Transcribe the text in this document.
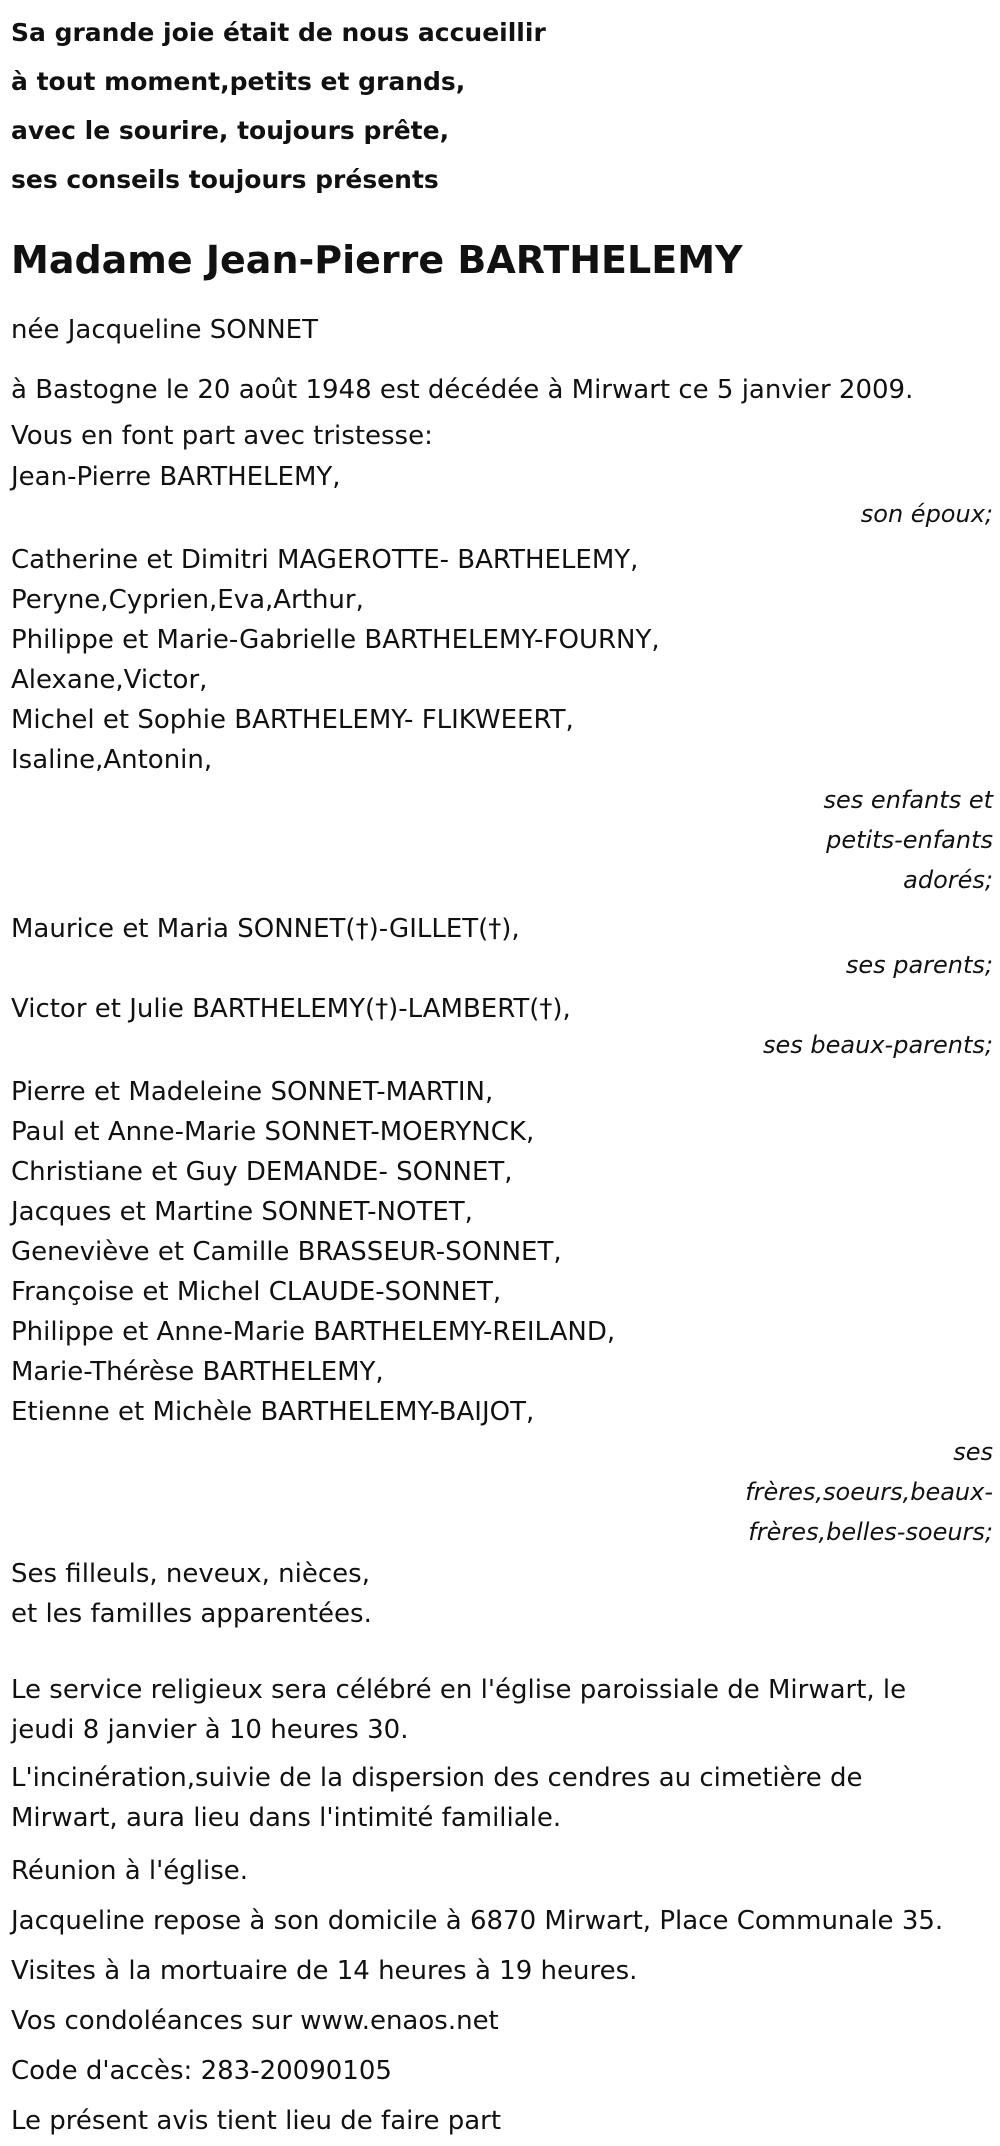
Sa grande joie était de nous accueillir
à tout moment,petits et grands,
avec le sourire, toujours prête,
ses conseils toujours présents
Madame Jean-Pierre BARTHELEMY
née Jacqueline SONNET
à Bastogne le 20 août 1948 est décédée à Mirwart ce 5 janvier 2009.
Vous en font part avec tristesse:
Jean-Pierre BARTHELEMY,
son époux;
Catherine et Dimitri MAGEROTTE- BARTHELEMY,
Peryne,Cyprien,Eva,Arthur,
Philippe et Marie-Gabrielle BARTHELEMY-FOURNY,
Alexane,Victor,
Michel et Sophie BARTHELEMY- FLIKWEERT,
Isaline,Antonin,
ses enfants et
petits-enfants
adorés;
Maurice et Maria SONNET(†)-GILLET(†),
ses parents;
Victor et Julie BARTHELEMY(†)-LAMBERT(†),
ses beaux-parents;
Pierre et Madeleine SONNET-MARTIN,
Paul et Anne-Marie SONNET-MOERYNCK,
Christiane et Guy DEMANDE- SONNET,
Jacques et Martine SONNET-NOTET,
Geneviève et Camille BRASSEUR-SONNET,
Françoise et Michel CLAUDE-SONNET,
Philippe et Anne-Marie BARTHELEMY-REILAND,
Marie-Thérèse BARTHELEMY,
Etienne et Michèle BARTHELEMY-BAIJOT,
ses
frères,soeurs,beaux-
frères,belles-soeurs;
Ses filleuls, neveux, nièces,
et les familles apparentées.
Le service religieux sera célébré en l'église paroissiale de Mirwart, le
jeudi 8 janvier à 10 heures 30.
L'incinération,suivie de la dispersion des cendres au cimetière de
Mirwart, aura lieu dans l'intimité familiale.
Réunion à l'église.
Jacqueline repose à son domicile à 6870 Mirwart, Place Communale 35.
Visites à la mortuaire de 14 heures à 19 heures.
Vos condoléances sur www.enaos.net
Code d'accès: 283-20090105
Le présent avis tient lieu de faire part
